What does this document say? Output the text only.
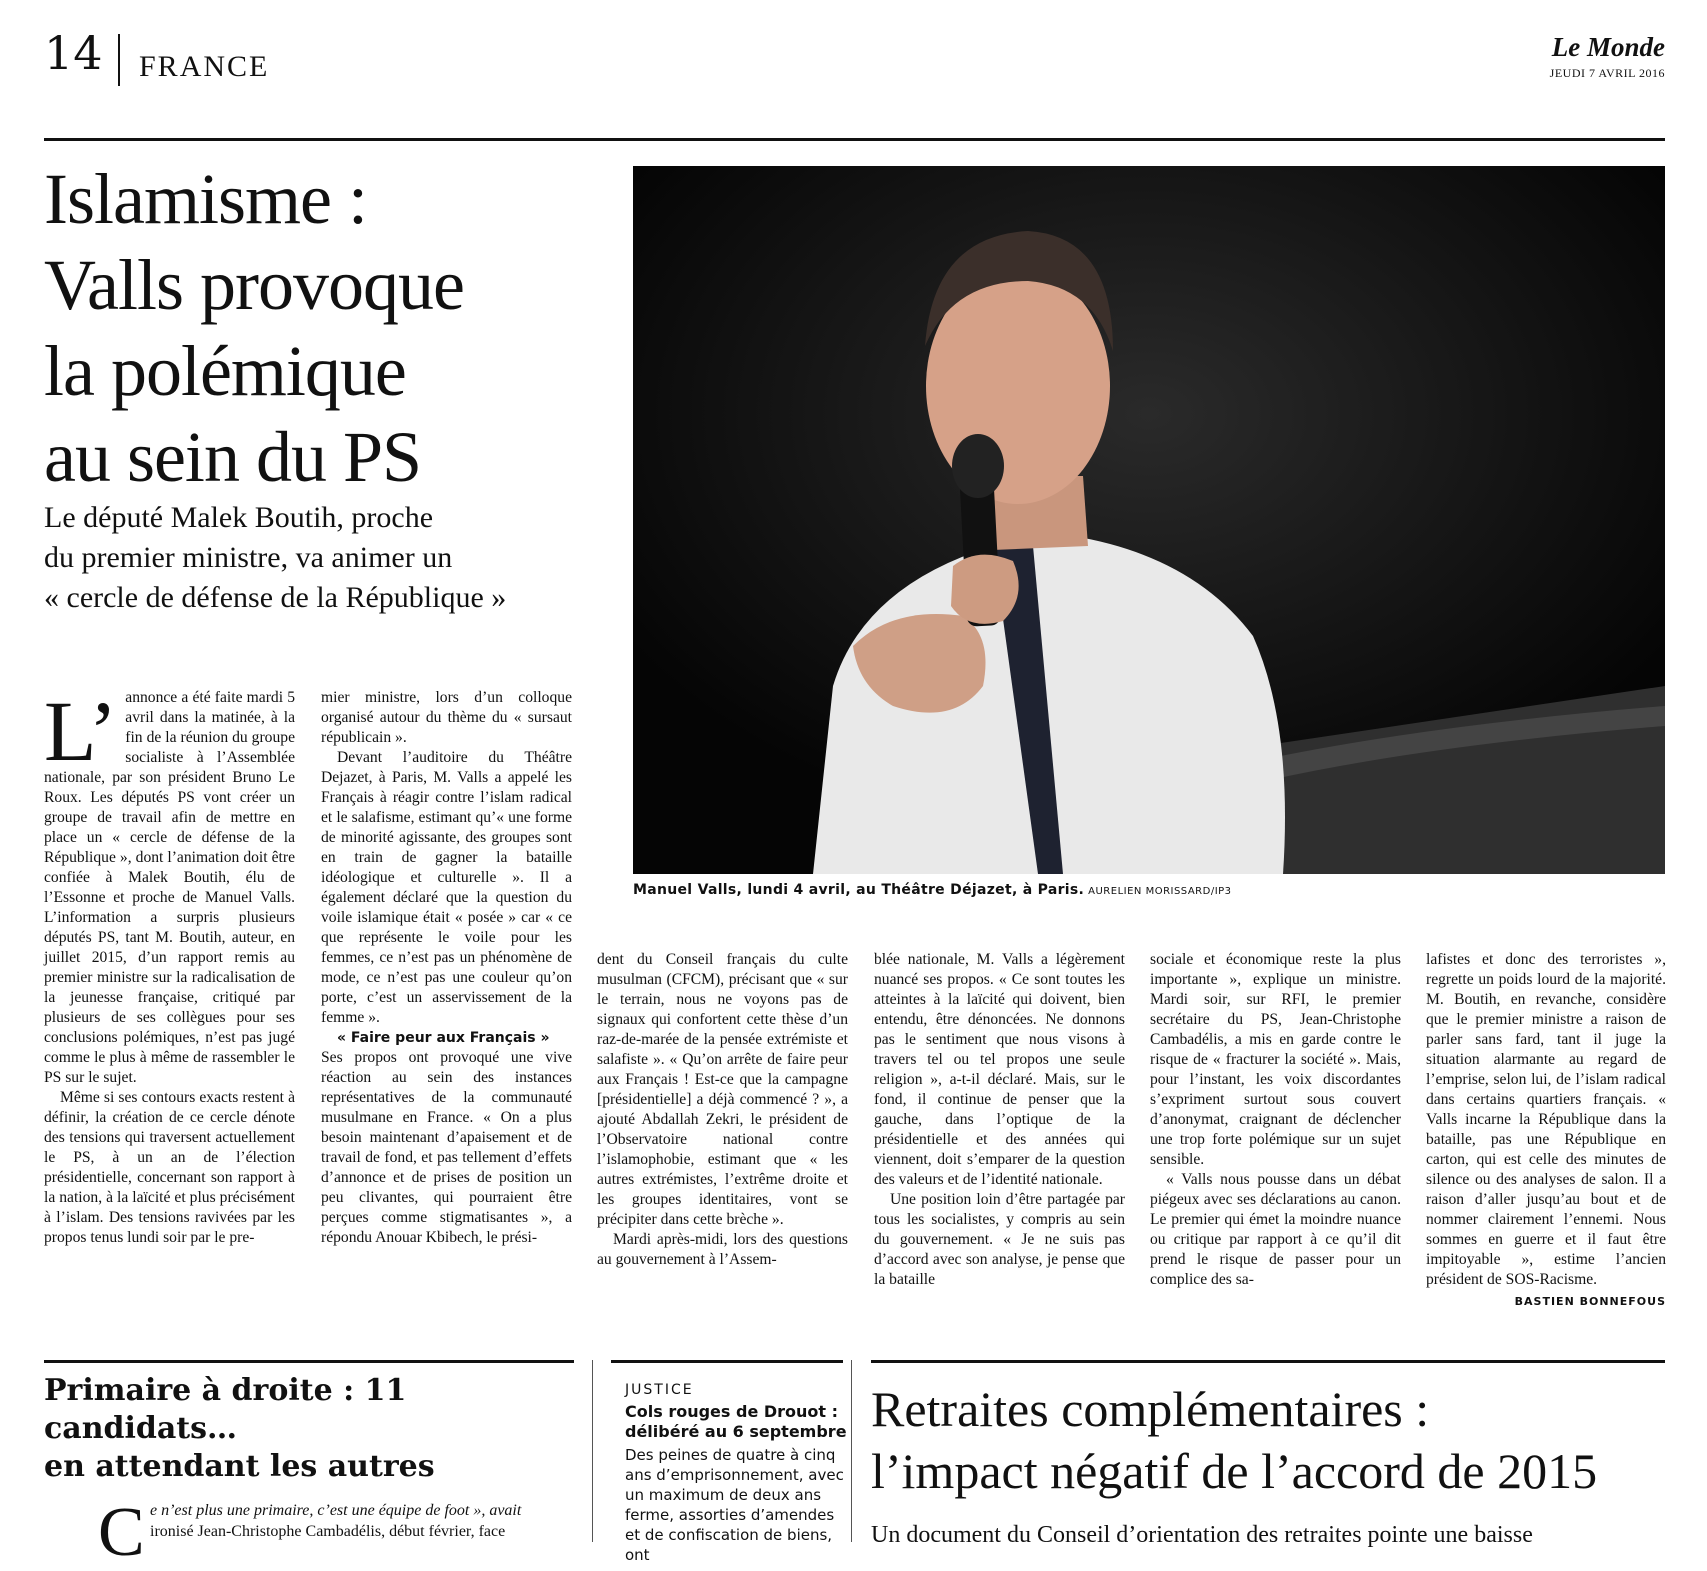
14 FRANCE
Le Monde
JEUDI 7 AVRIL 2016
Islamisme :
Valls provoque
la polémique
au sein du PS
Le député Malek Boutih, proche
du premier ministre, va animer un
« cercle de défense de la République »
Manuel Valls, lundi 4 avril, au Théâtre Déjazet, à Paris. AURELIEN MORISSARD/IP3
L’ annonce a été faite mardi 5 avril dans la matinée, à la fin de la réunion du groupe socialiste à l’Assemblée nationale, par son président Bruno Le Roux. Les députés PS vont créer un groupe de travail afin de mettre en place un « cercle de défense de la République », dont l’animation doit être confiée à Malek Boutih, élu de l’Essonne et proche de Manuel Valls. L’information a surpris plusieurs députés PS, tant M. Boutih, auteur, en juillet 2015, d’un rapport remis au premier ministre sur la radicalisation de la jeunesse française, critiqué par plusieurs de ses collègues pour ses conclusions polémiques, n’est pas jugé comme le plus à même de rassembler le PS sur le sujet.

Même si ses contours exacts restent à définir, la création de ce cercle dénote des tensions qui traversent actuellement le PS, à un an de l’élection présidentielle, concernant son rapport à la nation, à la laïcité et plus précisément à l’islam. Des tensions ravivées par les propos tenus lundi soir par le pre-

mier ministre, lors d’un colloque organisé autour du thème du « sursaut républicain ».

Devant l’auditoire du Théâtre Dejazet, à Paris, M. Valls a appelé les Français à réagir contre l’islam radical et le salafisme, estimant qu’« une forme de minorité agissante, des groupes sont en train de gagner la bataille idéologique et culturelle ». Il a également déclaré que la question du voile islamique était « posée » car « ce que représente le voile pour les femmes, ce n’est pas un phénomène de mode, ce n’est pas une couleur qu’on porte, c’est un asservissement de la femme ».

« Faire peur aux Français »

Ses propos ont provoqué une vive réaction au sein des instances représentatives de la communauté musulmane en France. « On a plus besoin maintenant d’apaisement et de travail de fond, et pas tellement d’effets d’annonce et de prises de position un peu clivantes, qui pourraient être perçues comme stigmatisantes », a répondu Anouar Kbibech, le prési-

dent du Conseil français du culte musulman (CFCM), précisant que « sur le terrain, nous ne voyons pas de signaux qui confortent cette thèse d’un raz-de-marée de la pensée extrémiste et salafiste ». « Qu’on arrête de faire peur aux Français ! Est-ce que la campagne [présidentielle] a déjà commencé ? », a ajouté Abdallah Zekri, le président de l’Observatoire national contre l’islamophobie, estimant que « les autres extrémistes, l’extrême droite et les groupes identitaires, vont se précipiter dans cette brèche ».

Mardi après-midi, lors des questions au gouvernement à l’Assem-

blée nationale, M. Valls a légèrement nuancé ses propos. « Ce sont toutes les atteintes à la laïcité qui doivent, bien entendu, être dénoncées. Ne donnons pas le sentiment que nous visons à travers tel ou tel propos une seule religion », a-t-il déclaré. Mais, sur le fond, il continue de penser que la gauche, dans l’optique de la présidentielle et des années qui viennent, doit s’emparer de la question des valeurs et de l’identité nationale.

Une position loin d’être partagée par tous les socialistes, y compris au sein du gouvernement. « Je ne suis pas d’accord avec son analyse, je pense que la bataille

sociale et économique reste la plus importante », explique un ministre. Mardi soir, sur RFI, le premier secrétaire du PS, Jean-Christophe Cambadélis, a mis en garde contre le risque de « fracturer la société ». Mais, pour l’instant, les voix discordantes s’expriment surtout sous couvert d’anonymat, craignant de déclencher une trop forte polémique sur un sujet sensible.

« Valls nous pousse dans un débat piégeux avec ses déclarations au canon. Le premier qui émet la moindre nuance ou critique par rapport à ce qu’il dit prend le risque de passer pour un complice des sa-

lafistes et donc des terroristes », regrette un poids lourd de la majorité. M. Boutih, en revanche, considère que le premier ministre a raison de parler sans fard, tant il juge la situation alarmante au regard de l’emprise, selon lui, de l’islam radical dans certains quartiers français. « Valls incarne la République dans la bataille, pas une République en carton, qui est celle des minutes de silence ou des analyses de salon. Il a raison d’aller jusqu’au bout et de nommer clairement l’ennemi. Nous sommes en guerre et il faut être impitoyable », estime l’ancien président de SOS-Racisme.

BASTIEN BONNEFOUS
Primaire à droite : 11 candidats…
en attendant les autres
C e n’est plus une primaire, c’est une équipe de foot », avait
ironisé Jean-Christophe Cambadélis, début février, face
JUSTICE
Cols rouges de Drouot :
délibéré au 6 septembre
Des peines de quatre à cinq ans d’emprisonnement, avec un maximum de deux ans ferme, assorties d’amendes et de confiscation de biens, ont
Retraites complémentaires :
l’impact négatif de l’accord de 2015
Un document du Conseil d’orientation des retraites pointe une baisse
